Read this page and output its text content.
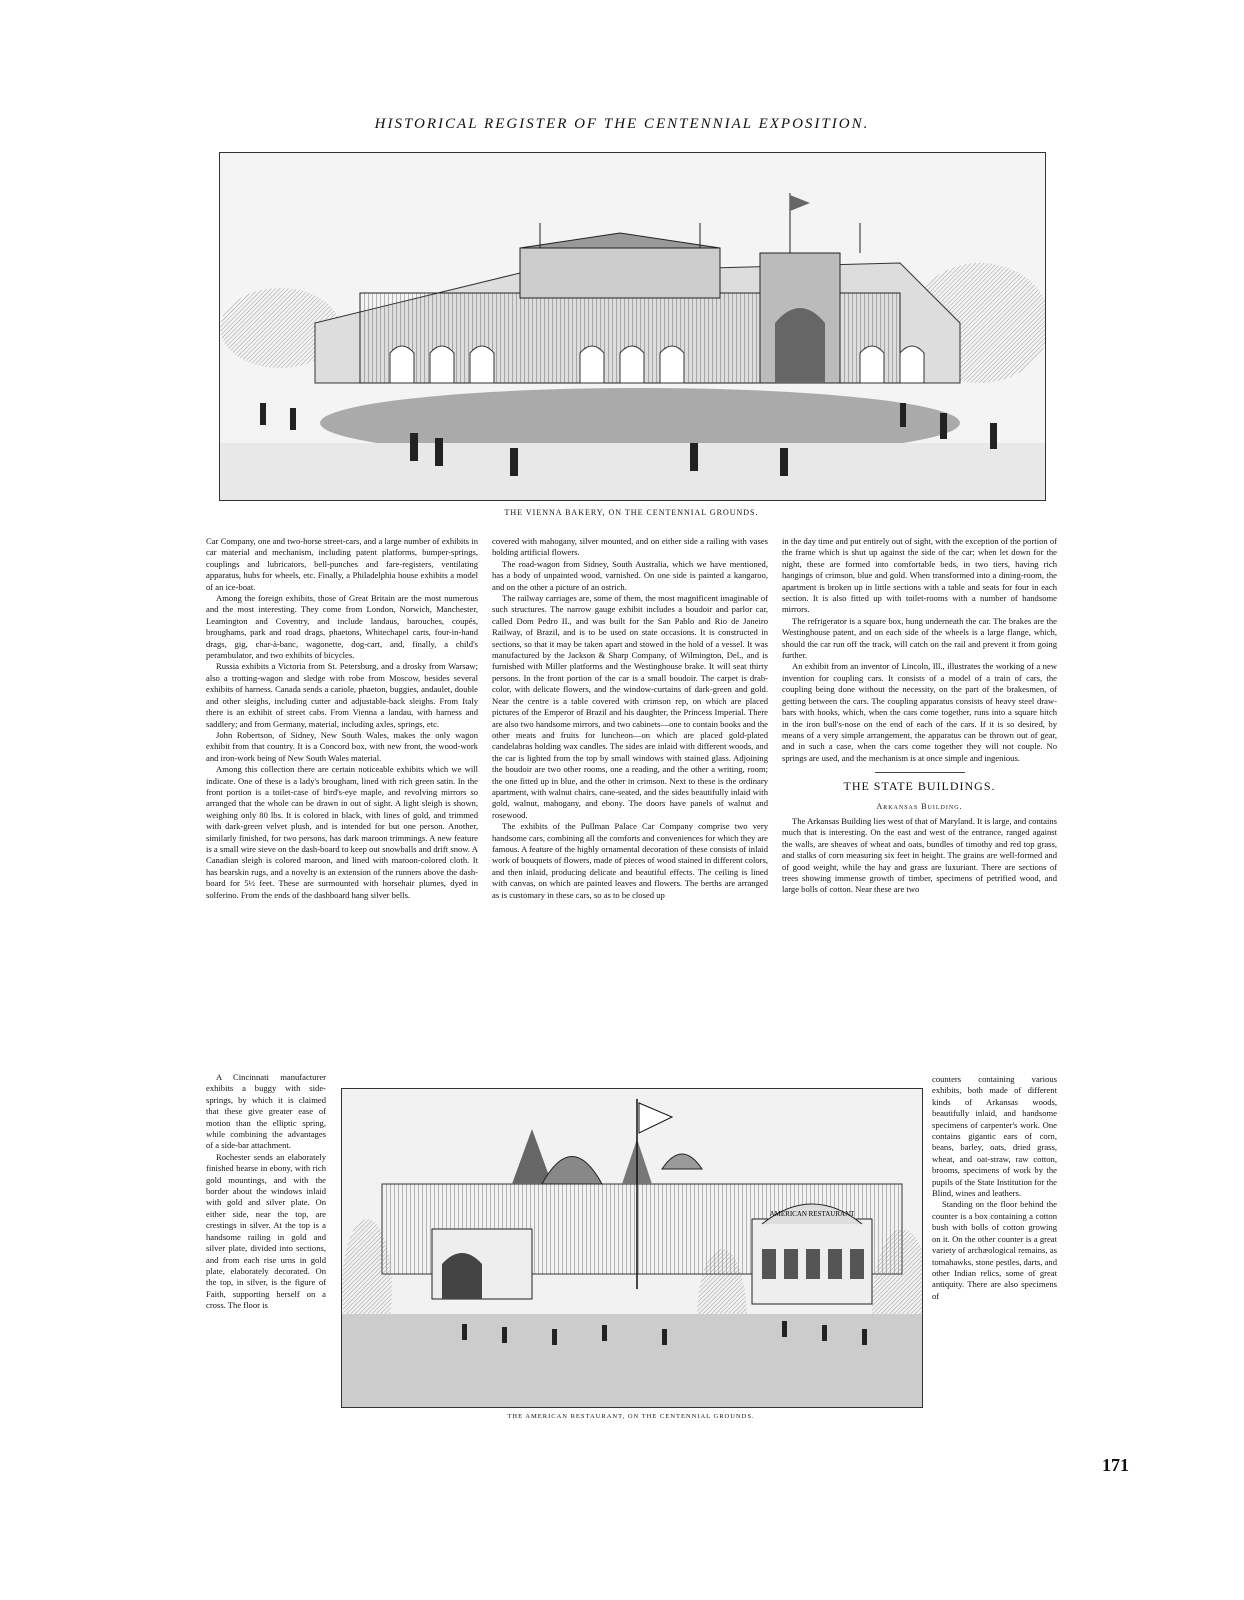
HISTORICAL REGISTER OF THE CENTENNIAL EXPOSITION.
THE VIENNA BAKERY, ON THE CENTENNIAL GROUNDS.

Car Company, one and two-horse street-cars, and a large number of exhibits in car material and mechanism, including patent platforms, bumper-springs, couplings and lubricators, bell-punches and fare-registers, ventilating apparatus, hubs for wheels, etc. Finally, a Philadelphia house exhibits a model of an ice-boat.

Among the foreign exhibits, those of Great Britain are the most numerous and the most interesting. They come from London, Norwich, Manchester, Leamington and Coventry, and include landaus, barouches, coupés, broughams, park and road drags, phaetons, Whitechapel carts, four-in-hand drags, gig, char-à-banc, wagonette, dog-cart, and, finally, a child's perambulator, and two exhibits of bicycles.

Russia exhibits a Victoria from St. Petersburg, and a drosky from Warsaw; also a trotting-wagon and sledge with robe from Moscow, besides several exhibits of harness. Canada sends a cariole, phaeton, buggies, andaulet, double and other sleighs, including cutter and adjustable-back sleighs. From Italy there is an exhibit of street cabs. From Vienna a landau, with harness and saddlery; and from Germany, material, including axles, springs, etc.

John Robertson, of Sidney, New South Wales, makes the only wagon exhibit from that country. It is a Concord box, with new front, the wood-work and iron-work being of New South Wales material.

Among this collection there are certain noticeable exhibits which we will indicate. One of these is a lady's brougham, lined with rich green satin. In the front portion is a toilet-case of bird's-eye maple, and revolving mirrors so arranged that the whole can be drawn in out of sight. A light sleigh is shown, weighing only 80 lbs. It is colored in black, with lines of gold, and trimmed with dark-green velvet plush, and is intended for but one person. Another, similarly finished, for two persons, has dark maroon trimmings. A new feature is a small wire sieve on the dash-board to keep out snowballs and drift snow. A Canadian sleigh is colored maroon, and lined with maroon-colored cloth. It has bearskin rugs, and a novelty is an extension of the runners above the dash-board for 5½ feet. These are surmounted with horsehair plumes, dyed in solferino. From the ends of the dashboard hang silver bells.

A Cincinnati manufacturer exhibits a buggy with side-springs, by which it is claimed that these give greater ease of motion than the elliptic spring, while combining the advantages of a side-bar attachment.

Rochester sends an elaborately finished hearse in ebony, with rich gold mountings, and with the border about the windows inlaid with gold and silver plate. On either side, near the top, are crestings in silver. At the top is a handsome railing in gold and silver plate, divided into sections, and from each rise urns in gold plate, elaborately decorated. On the top, in silver, is the figure of Faith, supporting herself on a cross. The floor is

covered with mahogany, silver mounted, and on either side a railing with vases holding artificial flowers.

The road-wagon from Sidney, South Australia, which we have mentioned, has a body of unpainted wood, varnished. On one side is painted a kangaroo, and on the other a picture of an ostrich.

The railway carriages are, some of them, the most magnificent imaginable of such structures. The narrow gauge exhibit includes a boudoir and parlor car, called Dom Pedro II., and was built for the San Pablo and Rio de Janeiro Railway, of Brazil, and is to be used on state occasions. It is constructed in sections, so that it may be taken apart and stowed in the hold of a vessel. It was manufactured by the Jackson & Sharp Company, of Wilmington, Del., and is furnished with Miller platforms and the Westinghouse brake. It will seat thirty persons. In the front portion of the car is a small boudoir. The carpet is drab-color, with delicate flowers, and the window-curtains of dark-green and gold. Near the centre is a table covered with crimson rep, on which are placed pictures of the Emperor of Brazil and his daughter, the Princess Imperial. There are also two handsome mirrors, and two cabinets—one to contain books and the other meats and fruits for luncheon—on which are placed gold-plated candelabras holding wax candles. The sides are inlaid with different woods, and the car is lighted from the top by small windows with stained glass. Adjoining the boudoir are two other rooms, one a reading, and the other a writing, room; the one fitted up in blue, and the other in crimson. Next to these is the ordinary apartment, with walnut chairs, cane-seated, and the sides beautifully inlaid with gold, walnut, mahogany, and ebony. The doors have panels of walnut and rosewood.

The exhibits of the Pullman Palace Car Company comprise two very handsome cars, combining all the comforts and conveniences for which they are famous. A feature of the highly ornamental decoration of these consists of inlaid work of bouquets of flowers, made of pieces of wood stained in different colors, and then inlaid, producing delicate and beautiful effects. The ceiling is lined with canvas, on which are painted leaves and flowers. The berths are arranged as is customary in these cars, so as to be closed up

in the day time and put entirely out of sight, with the exception of the portion of the frame which is shut up against the side of the car; when let down for the night, these are formed into comfortable beds, in two tiers, having rich hangings of crimson, blue and gold. When transformed into a dining-room, the apartment is broken up in little sections with a table and seats for four in each section. It is also fitted up with toilet-rooms with a number of handsome mirrors.

The refrigerator is a square box, hung underneath the car. The brakes are the Westinghouse patent, and on each side of the wheels is a large flange, which, should the car run off the track, will catch on the rail and prevent it from going further.

An exhibit from an inventor of Lincoln, Ill., illustrates the working of a new invention for coupling cars. It consists of a model of a train of cars, the coupling being done without the necessity, on the part of the brakesmen, of getting between the cars. The coupling apparatus consists of heavy steel draw-bars with hooks, which, when the cars come together, runs into a square hitch in the iron bull's-nose on the end of each of the cars. If it is so desired, by means of a very simple arrangement, the apparatus can be thrown out of gear, and in such a case, when the cars come together they will not couple. No springs are used, and the mechanism is at once simple and ingenious.

THE STATE BUILDINGS.
Arkansas Building.

The Arkansas Building lies west of that of Maryland. It is large, and contains much that is interesting. On the east and west of the entrance, ranged against the walls, are sheaves of wheat and oats, bundles of timothy and red top grass, and stalks of corn measuring six feet in height. The grains are well-formed and of good weight, while the hay and grass are luxuriant. There are sections of trees showing immense growth of timber, specimens of petrified wood, and large bolls of cotton. Near these are two

counters containing various exhibits, both made of different kinds of Arkansas woods, beautifully inlaid, and handsome specimens of carpenter's work. One contains gigantic ears of corn, beans, barley, oats, dried grass, wheat, and oat-straw, raw cotton, brooms, specimens of work by the pupils of the State Institution for the Blind, wines and leathers.

Standing on the floor behind the counter is a box containing a cotton bush with bolls of cotton growing on it. On the other counter is a great variety of archæological remains, as tomahawks, stone pestles, darts, and other Indian relics, some of great antiquity. There are also specimens of

AMERICAN RESTAURANT
THE AMERICAN RESTAURANT, ON THE CENTENNIAL GROUNDS.
171
